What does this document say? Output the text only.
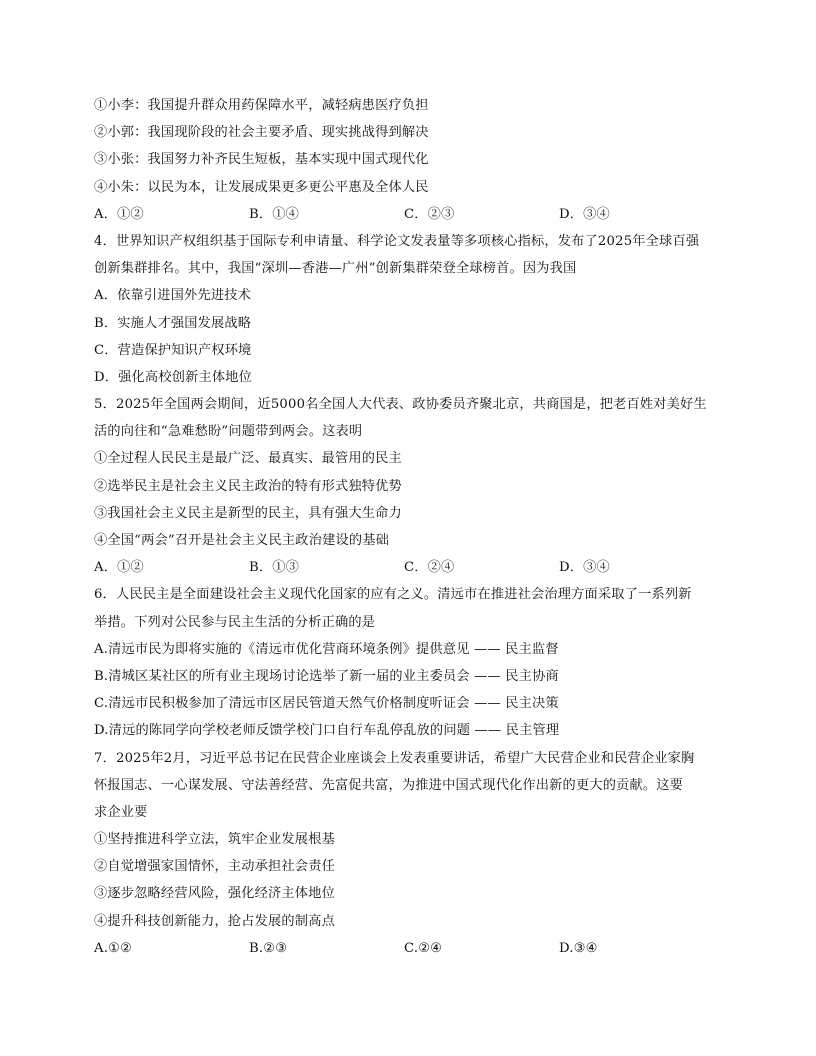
①小李：我国提升群众用药保障水平，减轻病患医疗负担
②小郭：我国现阶段的社会主要矛盾、现实挑战得到解决
③小张：我国努力补齐民生短板，基本实现中国式现代化
④小朱：以民为本，让发展成果更多更公平惠及全体人民
A．①②	B．①④	C．②③	D．③④
4．世界知识产权组织基于国际专利申请量、科学论文发表量等多项核心指标，发布了2025年全球百强
创新集群排名。其中，我国“深圳—香港—广州”创新集群荣登全球榜首。因为我国
A．依靠引进国外先进技术
B．实施人才强国发展战略
C．营造保护知识产权环境
D．强化高校创新主体地位
5．2025年全国两会期间，近5000名全国人大代表、政协委员齐聚北京，共商国是，把老百姓对美好生
活的向往和“急难愁盼”问题带到两会。这表明
①全过程人民民主是最广泛、最真实、最管用的民主
②选举民主是社会主义民主政治的特有形式独特优势
③我国社会主义民主是新型的民主，具有强大生命力
④全国“两会”召开是社会主义民主政治建设的基础
A．①②	B．①③	C．②④	D．③④
6．人民民主是全面建设社会主义现代化国家的应有之义。清远市在推进社会治理方面采取了一系列新
举措。下列对公民参与民主生活的分析正确的是
A.清远市民为即将实施的《清远市优化营商环境条例》提供意见 —— 民主监督
B.清城区某社区的所有业主现场讨论选举了新一届的业主委员会 —— 民主协商
C.清远市民积极参加了清远市区居民管道天然气价格制度听证会 —— 民主决策
D.清远的陈同学向学校老师反馈学校门口自行车乱停乱放的问题 —— 民主管理
7．2025年2月，习近平总书记在民营企业座谈会上发表重要讲话，希望广大民营企业和民营企业家胸
怀报国志、一心谋发展、守法善经营、先富促共富，为推进中国式现代化作出新的更大的贡献。这要
求企业要
①坚持推进科学立法，筑牢企业发展根基
②自觉增强家国情怀，主动承担社会责任
③逐步忽略经营风险，强化经济主体地位
④提升科技创新能力，抢占发展的制高点
A.①②	B.②③	C.②④	D.③④
